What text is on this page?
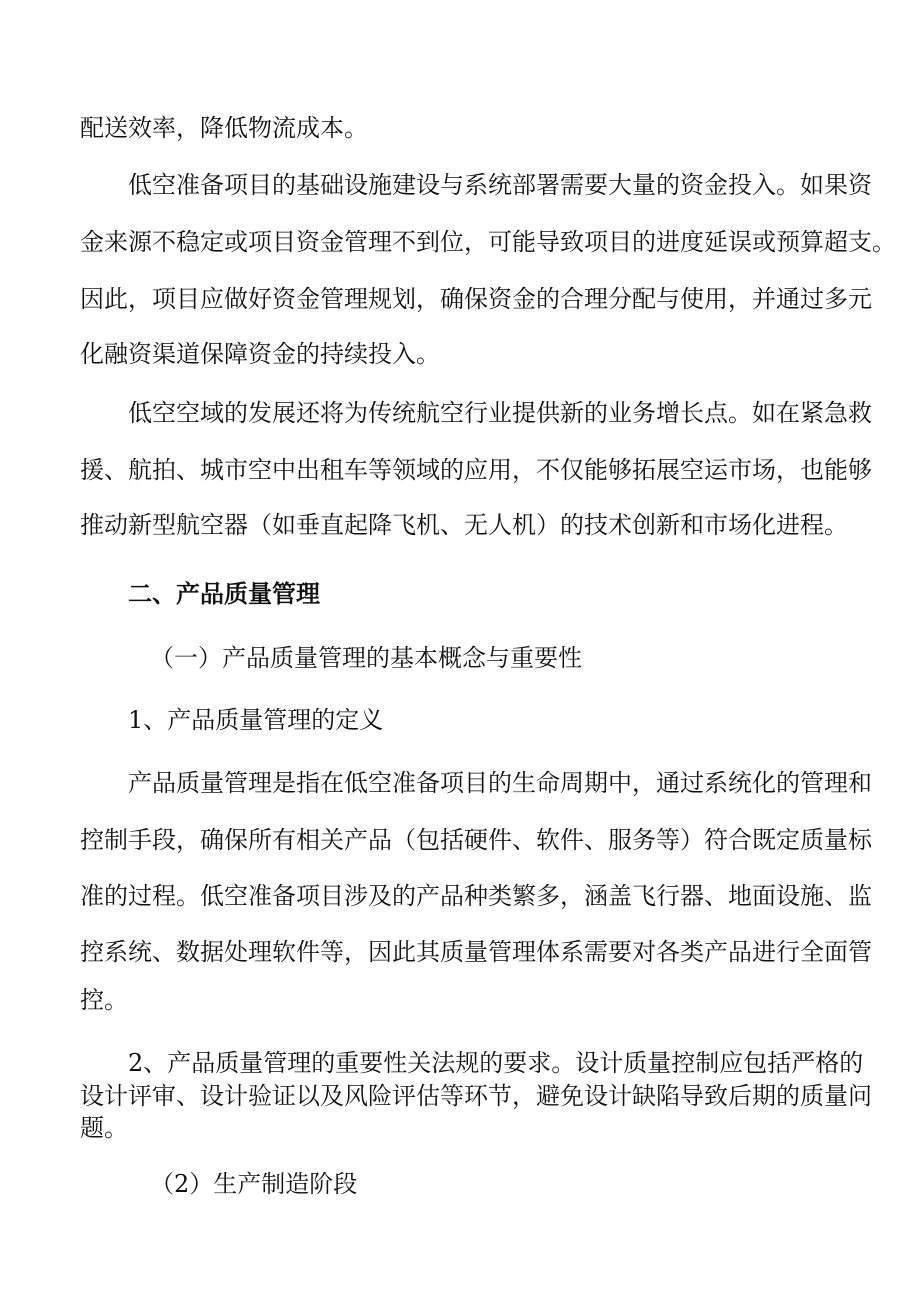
配送效率，降低物流成本。

低空准备项目的基础设施建设与系统部署需要大量的资金投入。如果资

金来源不稳定或项目资金管理不到位，可能导致项目的进度延误或预算超支。

因此，项目应做好资金管理规划，确保资金的合理分配与使用，并通过多元

化融资渠道保障资金的持续投入。

低空空域的发展还将为传统航空行业提供新的业务增长点。如在紧急救

援、航拍、城市空中出租车等领域的应用，不仅能够拓展空运市场，也能够

推动新型航空器（如垂直起降飞机、无人机）的技术创新和市场化进程。

二、产品质量管理

（一）产品质量管理的基本概念与重要性

1、产品质量管理的定义

产品质量管理是指在低空准备项目的生命周期中，通过系统化的管理和

控制手段，确保所有相关产品（包括硬件、软件、服务等）符合既定质量标

准的过程。低空准备项目涉及的产品种类繁多，涵盖飞行器、地面设施、监

控系统、数据处理软件等，因此其质量管理体系需要对各类产品进行全面管

控。

2、产品质量管理的重要性关法规的要求。设计质量控制应包括严格的

设计评审、设计验证以及风险评估等环节，避免设计缺陷导致后期的质量问

题。

（2）生产制造阶段
